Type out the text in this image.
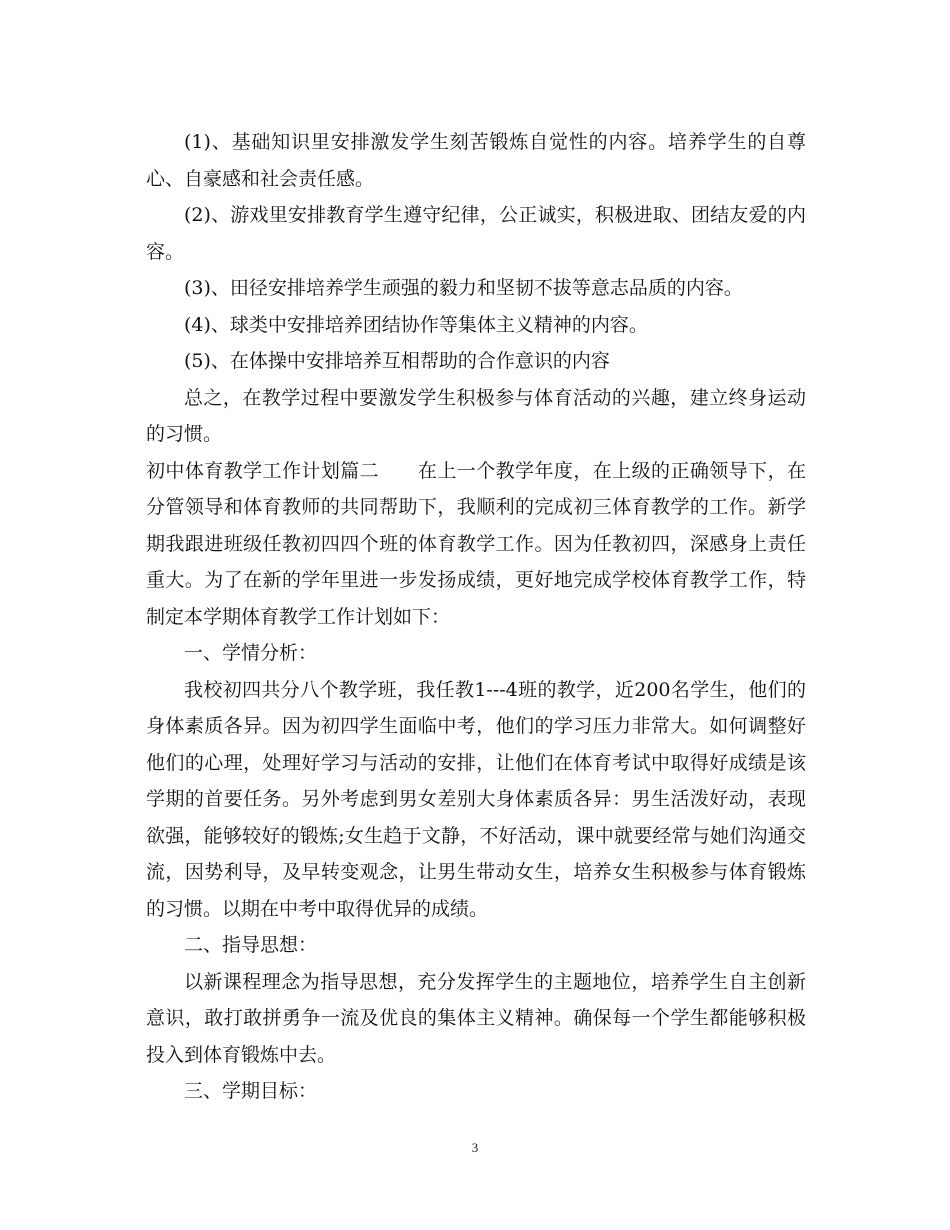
(1)、基础知识里安排激发学生刻苦锻炼自觉性的内容。培养学生的自尊心、自豪感和社会责任感。

(2)、游戏里安排教育学生遵守纪律，公正诚实，积极进取、团结友爱的内容。

(3)、田径安排培养学生顽强的毅力和坚韧不拔等意志品质的内容。

(4)、球类中安排培养团结协作等集体主义精神的内容。

(5)、在体操中安排培养互相帮助的合作意识的内容

总之，在教学过程中要激发学生积极参与体育活动的兴趣，建立终身运动的习惯。

初中体育教学工作计划篇二　　在上一个教学年度，在上级的正确领导下，在分管领导和体育教师的共同帮助下，我顺利的完成初三体育教学的工作。新学期我跟进班级任教初四四个班的体育教学工作。因为任教初四，深感身上责任重大。为了在新的学年里进一步发扬成绩，更好地完成学校体育教学工作，特制定本学期体育教学工作计划如下：

一、学情分析：

我校初四共分八个教学班，我任教1---4班的教学，近200名学生，他们的身体素质各异。因为初四学生面临中考，他们的学习压力非常大。如何调整好他们的心理，处理好学习与活动的安排，让他们在体育考试中取得好成绩是该学期的首要任务。另外考虑到男女差别大身体素质各异：男生活泼好动，表现欲强，能够较好的锻炼;女生趋于文静，不好活动，课中就要经常与她们沟通交流，因势利导，及早转变观念，让男生带动女生，培养女生积极参与体育锻炼的习惯。以期在中考中取得优异的成绩。

二、指导思想：

以新课程理念为指导思想，充分发挥学生的主题地位，培养学生自主创新意识，敢打敢拼勇争一流及优良的集体主义精神。确保每一个学生都能够积极投入到体育锻炼中去。

三、学期目标：

3
